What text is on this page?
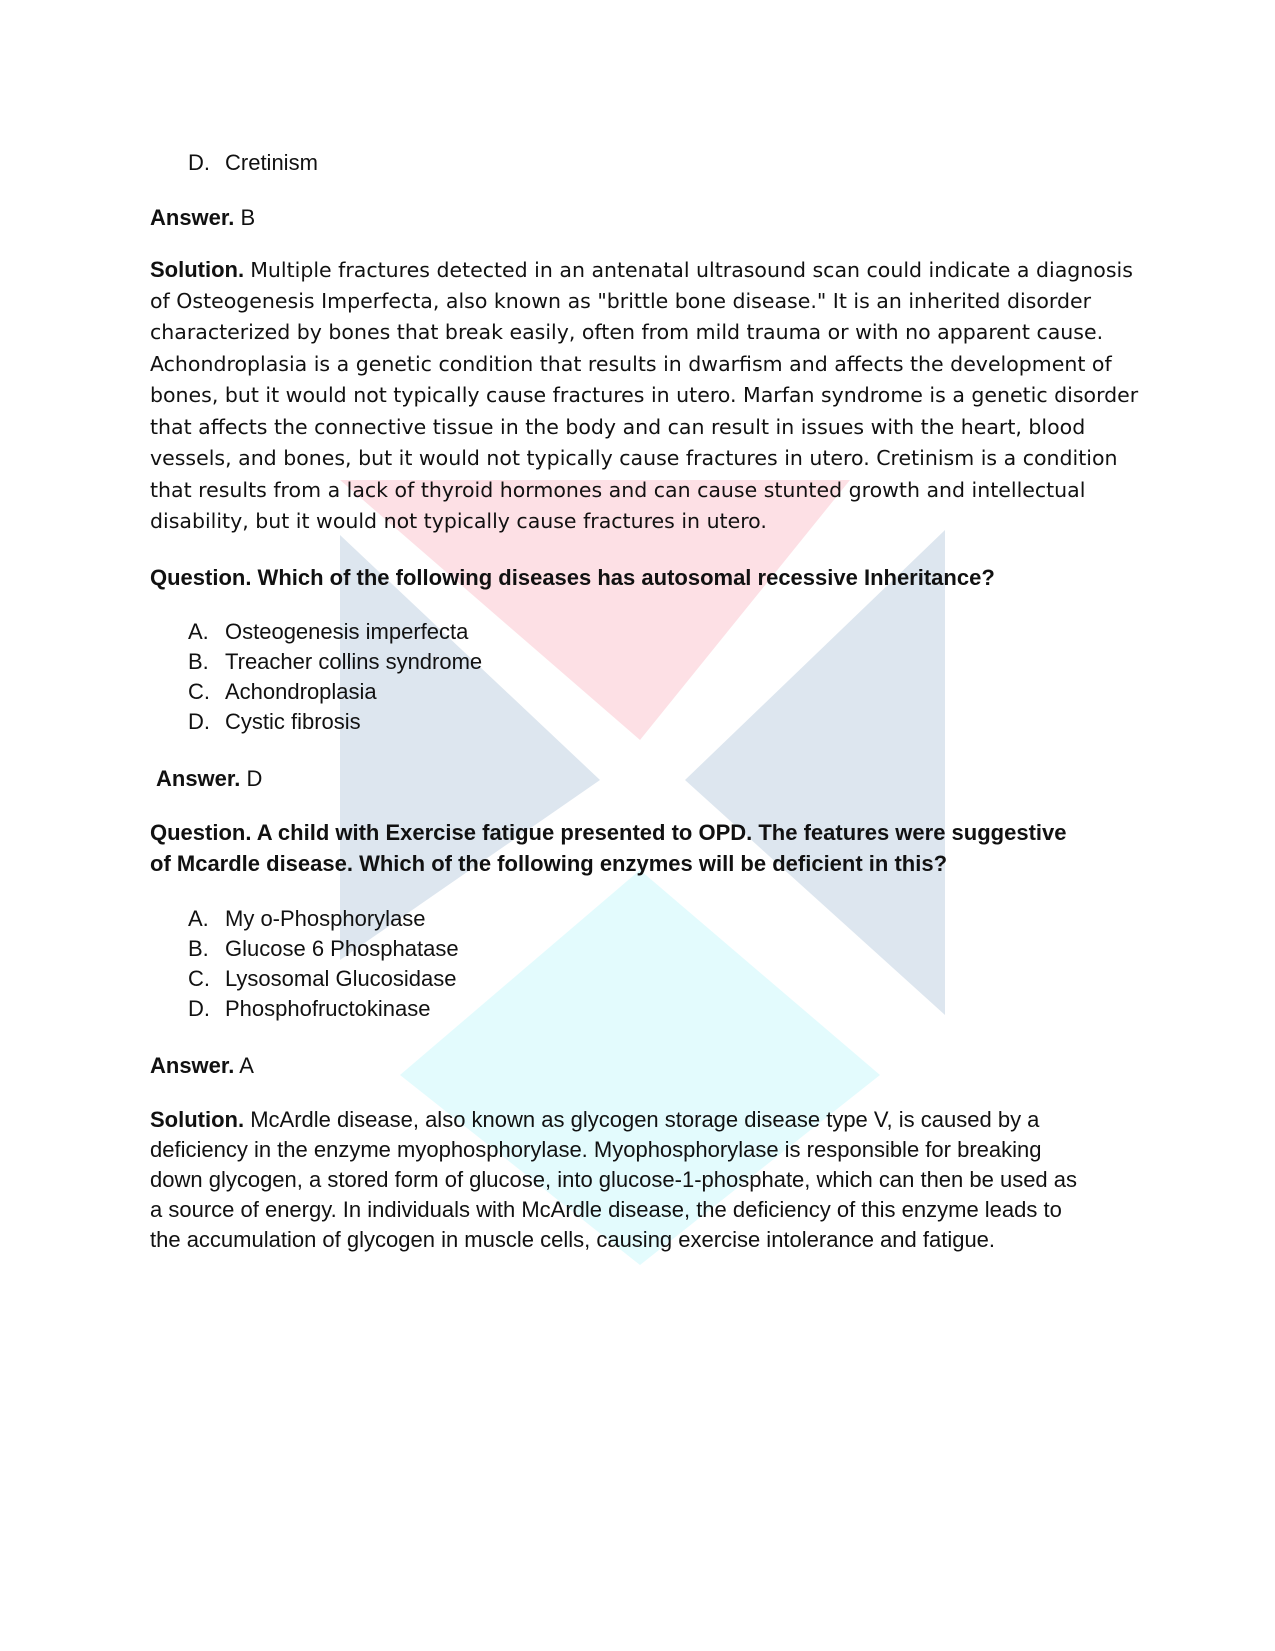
D. Cretinism
Answer. B
Solution. Multiple fractures detected in an antenatal ultrasound scan could indicate a diagnosis
of Osteogenesis Imperfecta, also known as "brittle bone disease." It is an inherited disorder
characterized by bones that break easily, often from mild trauma or with no apparent cause.
Achondroplasia is a genetic condition that results in dwarfism and affects the development of
bones, but it would not typically cause fractures in utero. Marfan syndrome is a genetic disorder
that affects the connective tissue in the body and can result in issues with the heart, blood
vessels, and bones, but it would not typically cause fractures in utero. Cretinism is a condition
that results from a lack of thyroid hormones and can cause stunted growth and intellectual
disability, but it would not typically cause fractures in utero.
Question. Which of the following diseases has autosomal recessive Inheritance?
A. Osteogenesis imperfecta
B. Treacher collins syndrome
C. Achondroplasia
D. Cystic fibrosis
Answer. D
Question. A child with Exercise fatigue presented to OPD. The features were suggestive
of Mcardle disease. Which of the following enzymes will be deficient in this?
A. My o-Phosphorylase
B. Glucose 6 Phosphatase
C. Lysosomal Glucosidase
D. Phosphofructokinase
Answer. A
Solution. McArdle disease, also known as glycogen storage disease type V, is caused by a
deficiency in the enzyme myophosphorylase. Myophosphorylase is responsible for breaking
down glycogen, a stored form of glucose, into glucose-1-phosphate, which can then be used as
a source of energy. In individuals with McArdle disease, the deficiency of this enzyme leads to
the accumulation of glycogen in muscle cells, causing exercise intolerance and fatigue.
